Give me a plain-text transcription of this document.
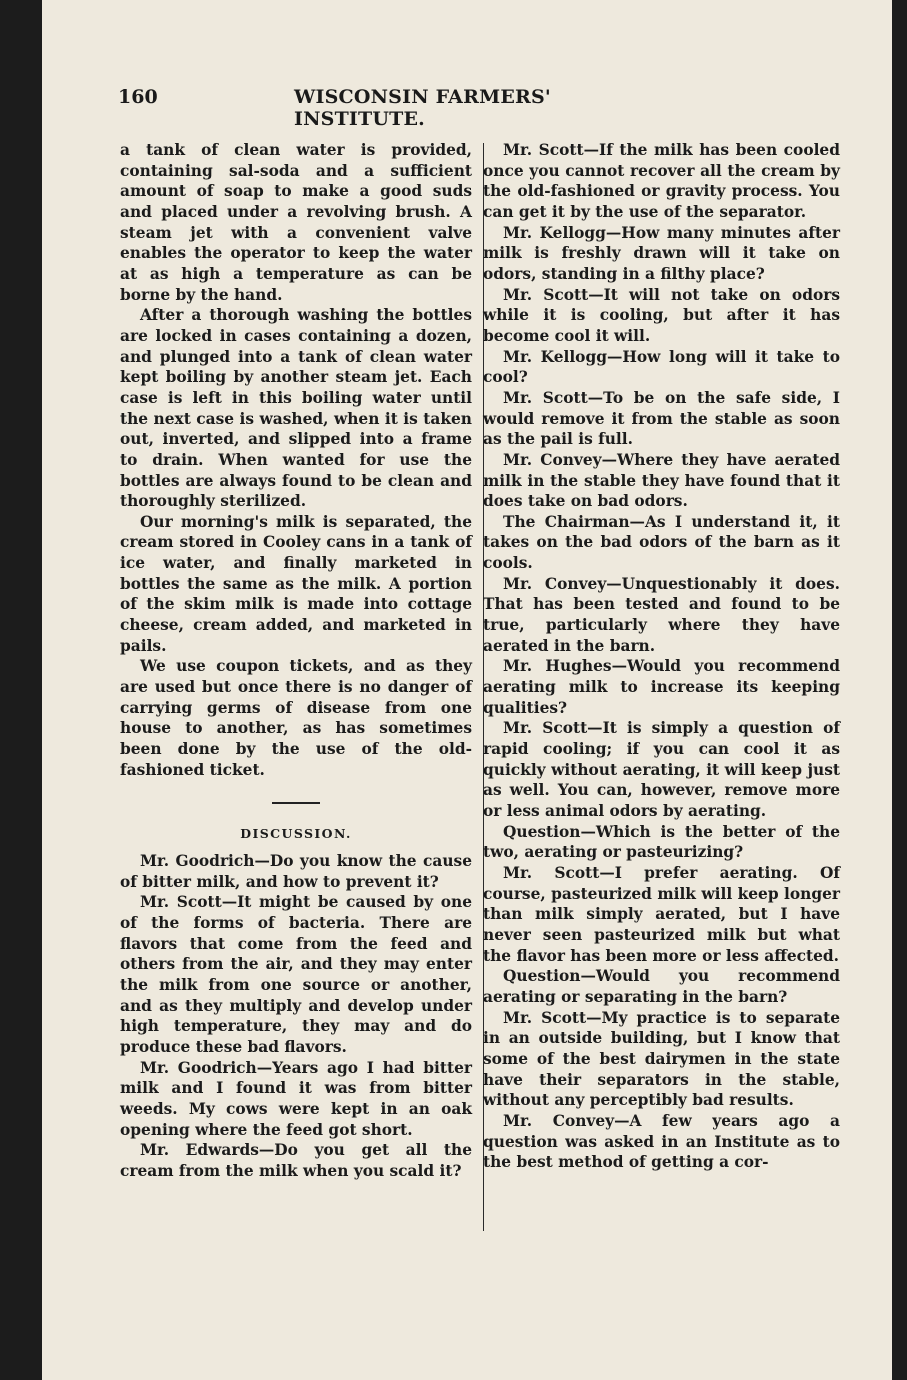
160	WISCONSIN FARMERS' INSTITUTE.

a tank of clean water is provided, containing sal-soda and a sufficient amount of soap to make a good suds and placed under a revolving brush. A steam jet with a convenient valve enables the operator to keep the water at as high a temperature as can be borne by the hand.

After a thorough washing the bottles are locked in cases containing a dozen, and plunged into a tank of clean water kept boiling by another steam jet. Each case is left in this boiling water until the next case is washed, when it is taken out, inverted, and slipped into a frame to drain. When wanted for use the bottles are always found to be clean and thoroughly sterilized.

Our morning's milk is separated, the cream stored in Cooley cans in a tank of ice water, and finally marketed in bottles the same as the milk. A portion of the skim milk is made into cottage cheese, cream added, and marketed in pails.

We use coupon tickets, and as they are used but once there is no danger of carrying germs of disease from one house to another, as has sometimes been done by the use of the old-fashioned ticket.

DISCUSSION.

Mr. Goodrich—Do you know the cause of bitter milk, and how to prevent it?

Mr. Scott—It might be caused by one of the forms of bacteria. There are flavors that come from the feed and others from the air, and they may enter the milk from one source or another, and as they multiply and develop under high temperature, they may and do produce these bad flavors.

Mr. Goodrich—Years ago I had bitter milk and I found it was from bitter weeds. My cows were kept in an oak opening where the feed got short.

Mr. Edwards—Do you get all the cream from the milk when you scald it?

Mr. Scott—If the milk has been cooled once you cannot recover all the cream by the old-fashioned or gravity process. You can get it by the use of the separator.

Mr. Kellogg—How many minutes after milk is freshly drawn will it take on odors, standing in a filthy place?

Mr. Scott—It will not take on odors while it is cooling, but after it has become cool it will.

Mr. Kellogg—How long will it take to cool?

Mr. Scott—To be on the safe side, I would remove it from the stable as soon as the pail is full.

Mr. Convey—Where they have aerated milk in the stable they have found that it does take on bad odors.

The Chairman—As I understand it, it takes on the bad odors of the barn as it cools.

Mr. Convey—Unquestionably it does. That has been tested and found to be true, particularly where they have aerated in the barn.

Mr. Hughes—Would you recommend aerating milk to increase its keeping qualities?

Mr. Scott—It is simply a question of rapid cooling; if you can cool it as quickly without aerating, it will keep just as well. You can, however, remove more or less animal odors by aerating.

Question—Which is the better of the two, aerating or pasteurizing?

Mr. Scott—I prefer aerating. Of course, pasteurized milk will keep longer than milk simply aerated, but I have never seen pasteurized milk but what the flavor has been more or less affected.

Question—Would you recommend aerating or separating in the barn?

Mr. Scott—My practice is to separate in an outside building, but I know that some of the best dairymen in the state have their separators in the stable, without any perceptibly bad results.

Mr. Convey—A few years ago a question was asked in an Institute as to the best method of getting a cor-
